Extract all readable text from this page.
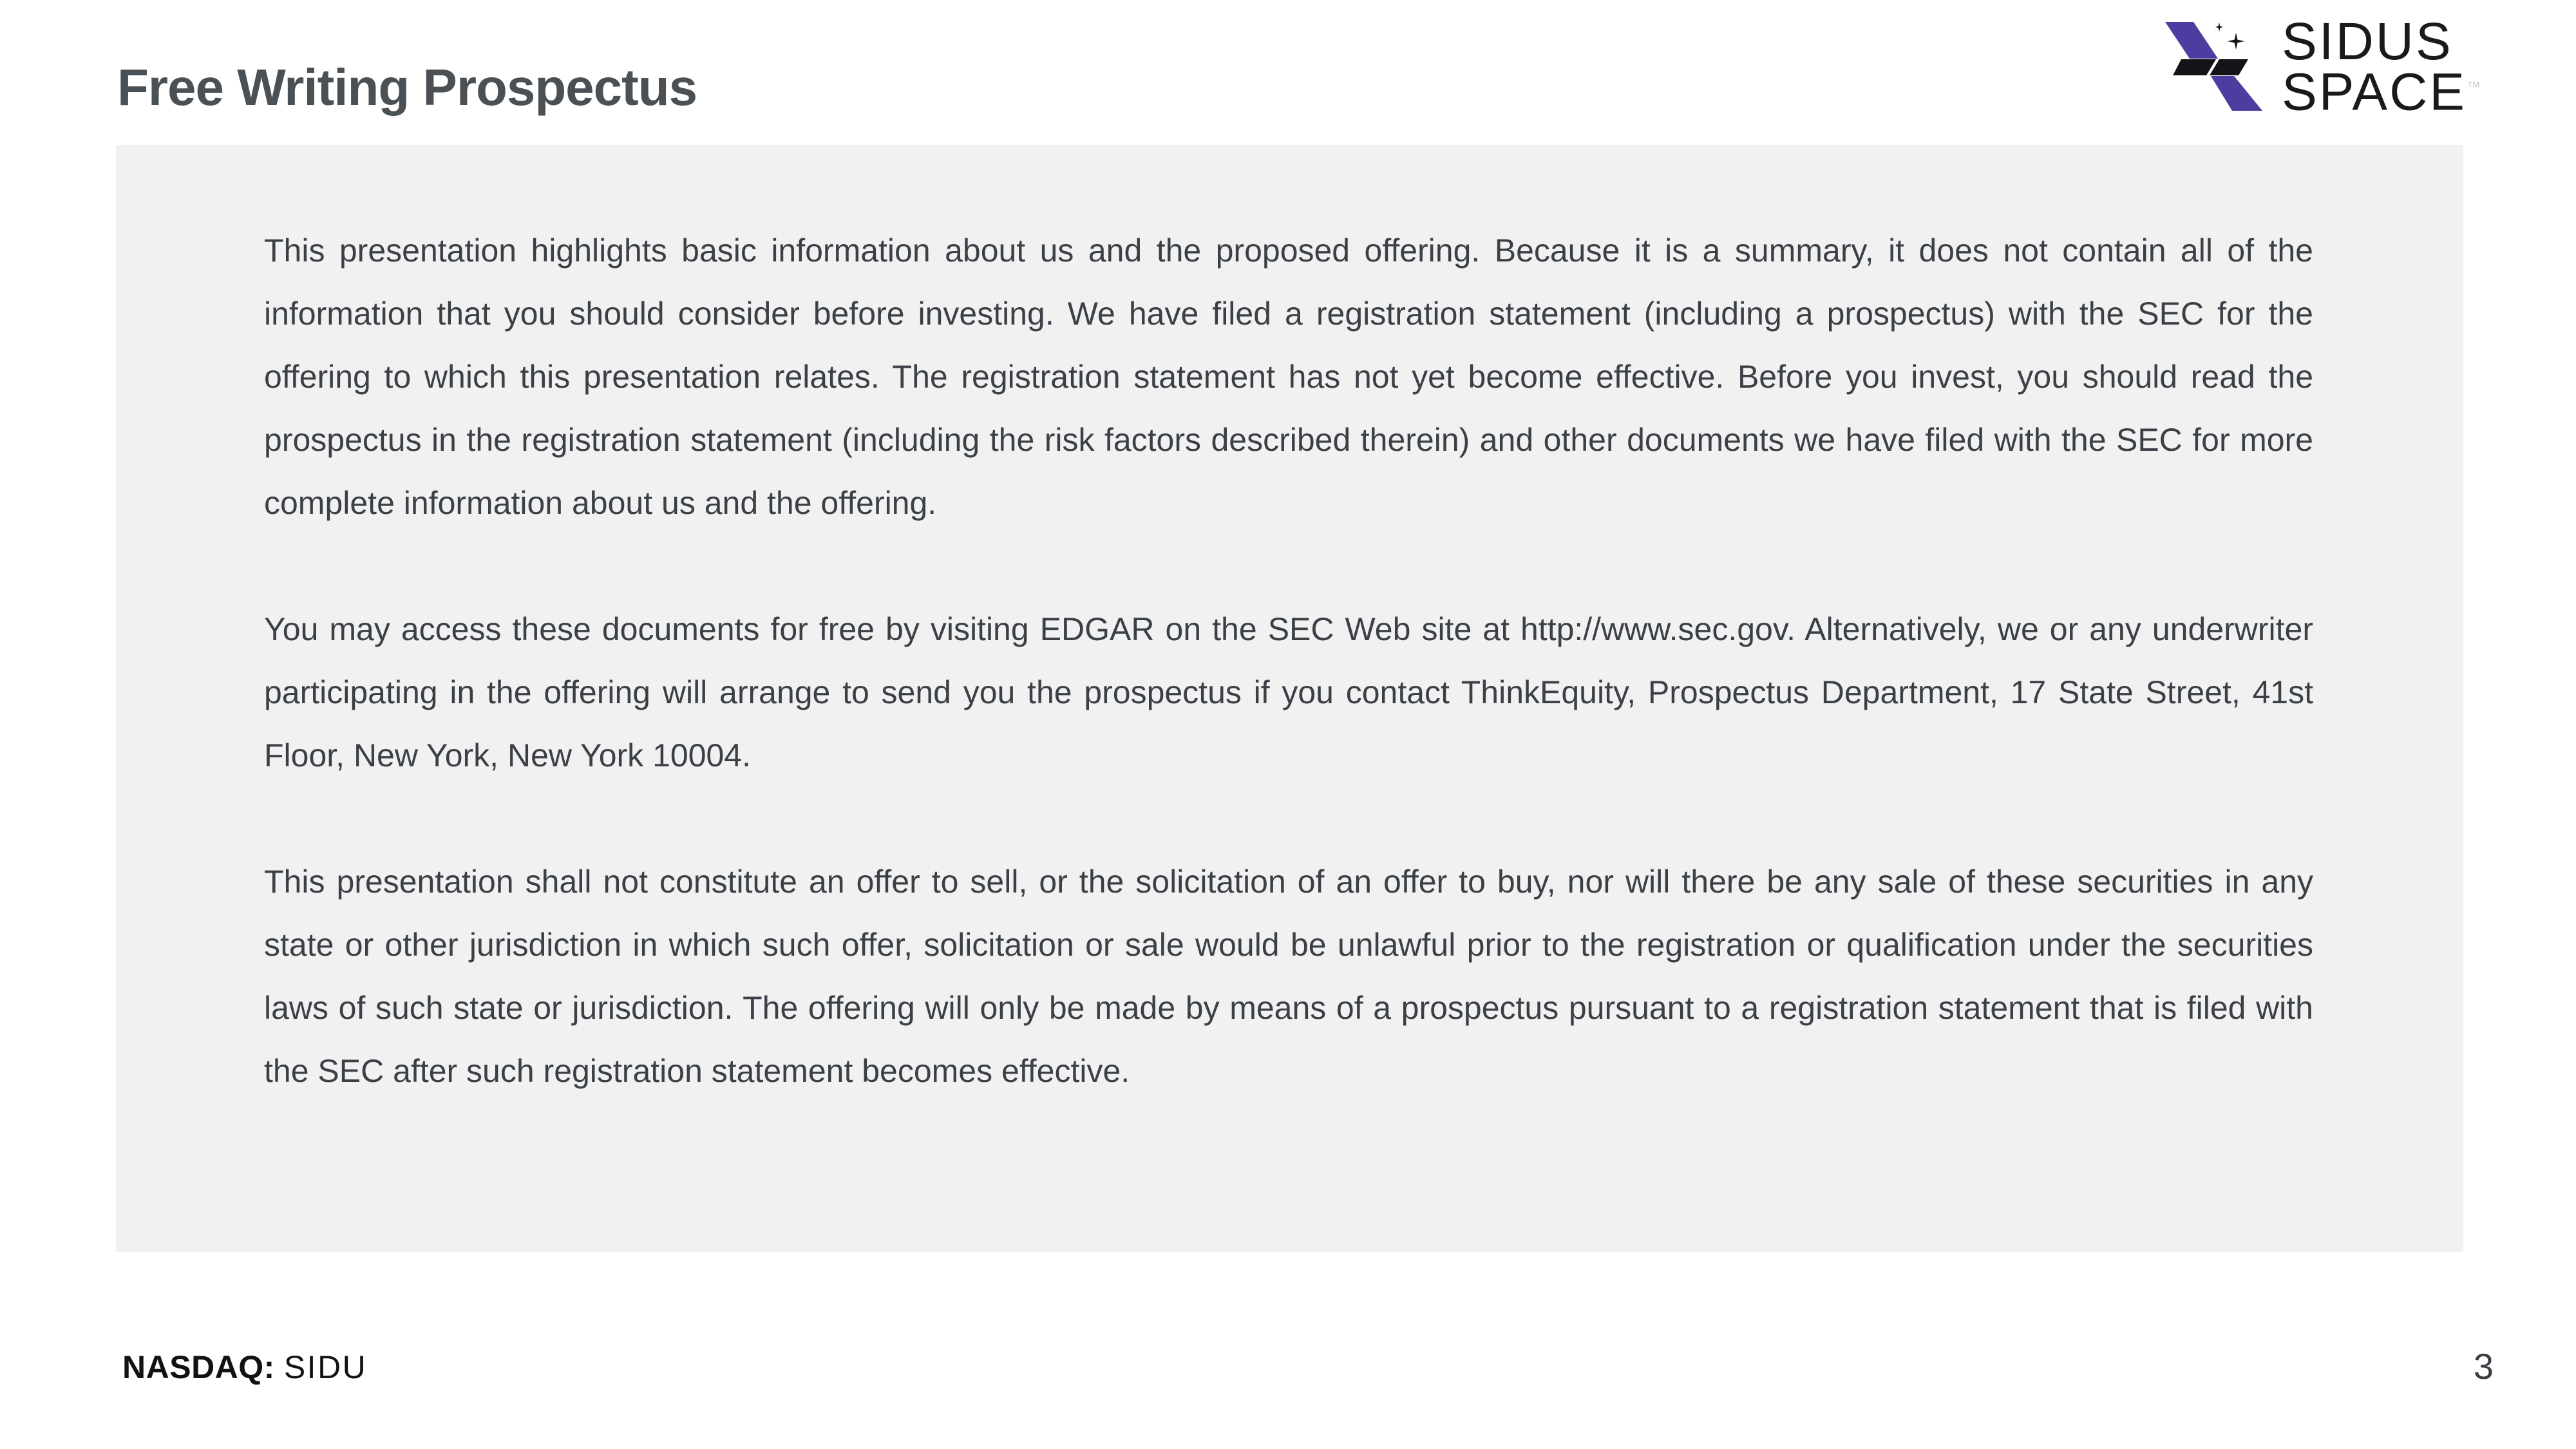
Free Writing Prospectus
SIDUS
SPACE™

This presentation highlights basic information about us and the proposed offering. Because it is a summary, it does not contain all of the information that you should consider before investing. We have filed a registration statement (including a prospectus) with the SEC for the offering to which this presentation relates. The registration statement has not yet become effective. Before you invest, you should read the prospectus in the registration statement (including the risk factors described therein) and other documents we have filed with the SEC for more complete information about us and the offering.

You may access these documents for free by visiting EDGAR on the SEC Web site at http://www.sec.gov. Alternatively, we or any underwriter participating in the offering will arrange to send you the prospectus if you contact ThinkEquity, Prospectus Department, 17 State Street, 41st Floor, New York, New York 10004.

This presentation shall not constitute an offer to sell, or the solicitation of an offer to buy, nor will there be any sale of these securities in any state or other jurisdiction in which such offer, solicitation or sale would be unlawful prior to the registration or qualification under the securities laws of such state or jurisdiction. The offering will only be made by means of a prospectus pursuant to a registration statement that is filed with the SEC after such registration statement becomes effective.

NASDAQ: SIDU	3
